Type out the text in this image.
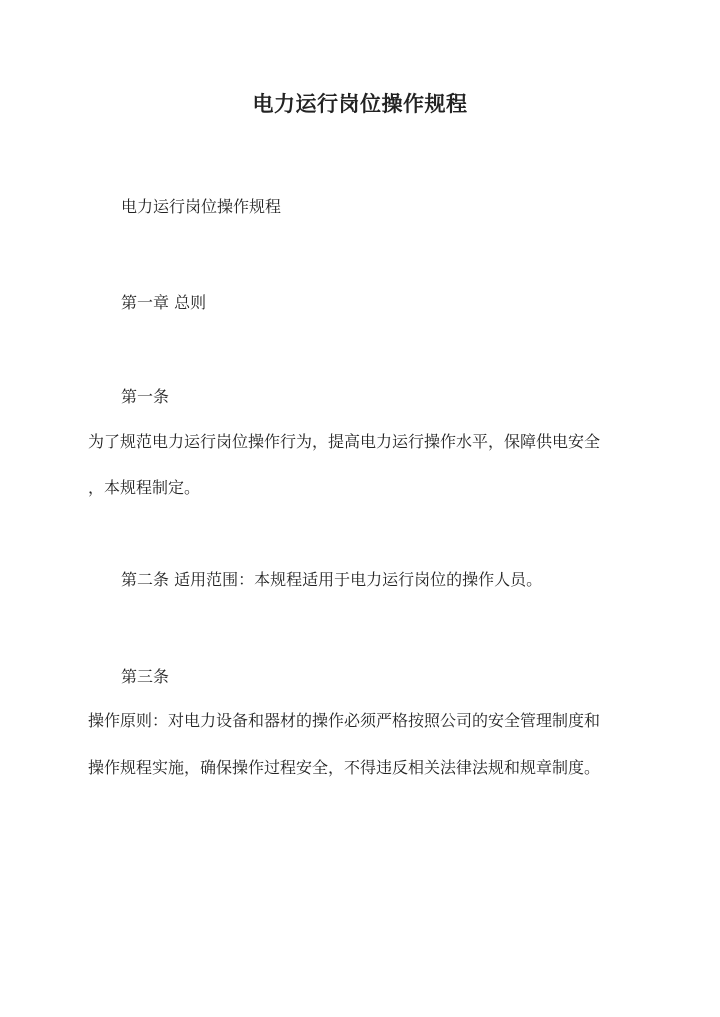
电力运行岗位操作规程
电力运行岗位操作规程
第一章 总则
第一条
为了规范电力运行岗位操作行为，提高电力运行操作水平，保障供电安全
，本规程制定。
第二条 适用范围：本规程适用于电力运行岗位的操作人员。
第三条
操作原则：对电力设备和器材的操作必须严格按照公司的安全管理制度和
操作规程实施，确保操作过程安全，不得违反相关法律法规和规章制度。
